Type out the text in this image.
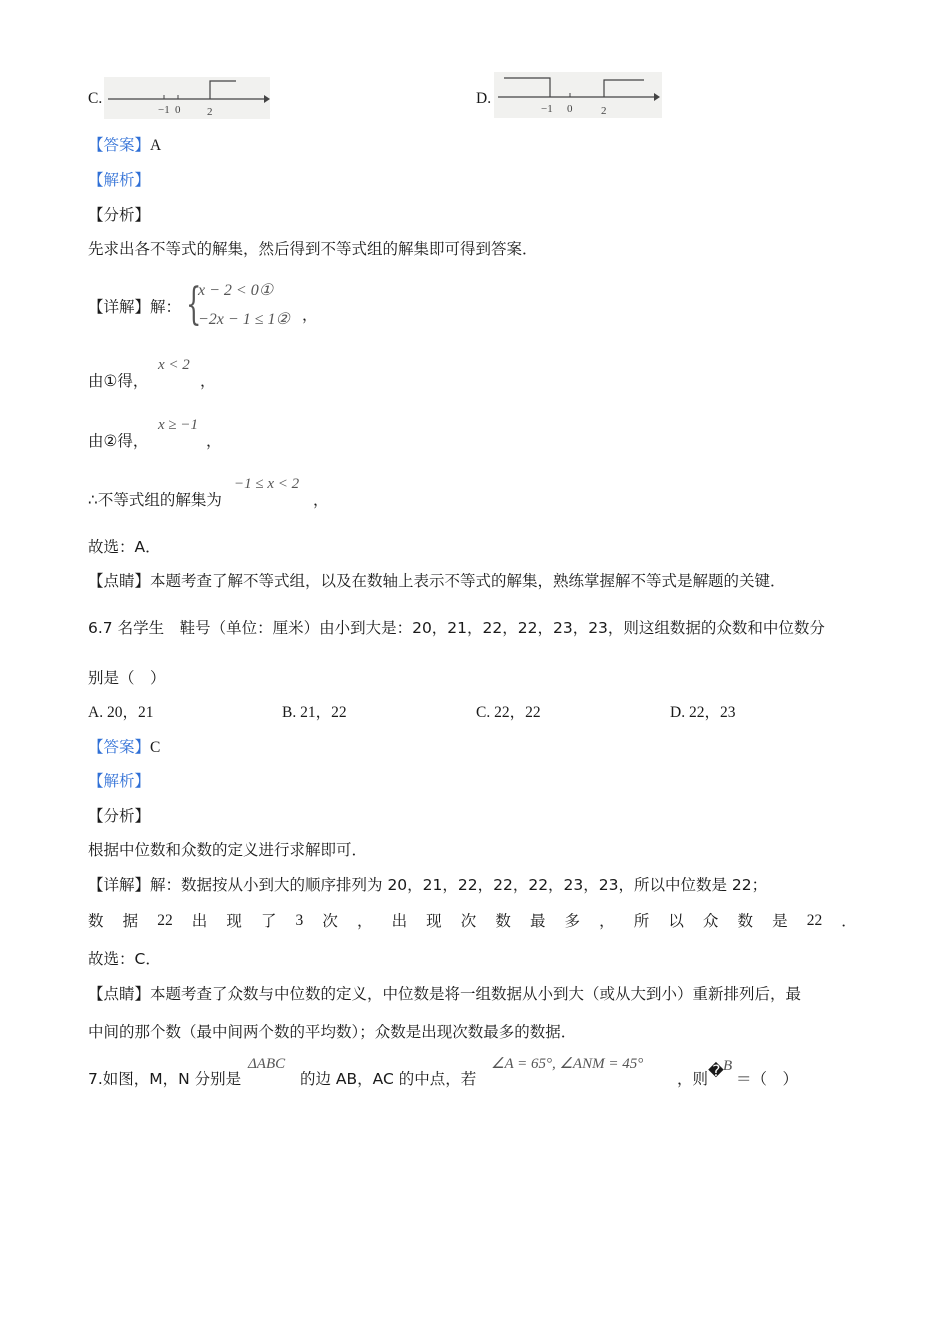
C.
−1 0 2
D.
−1 0	2
【答案】A
【解析】
【分析】
先求出各不等式的解集，然后得到不等式组的解集即可得到答案．
【详解】解： {
x − 2 < 0①
−2x − 1 ≤ 1② ，
由①得，
x < 2
，
由②得，
x ≥ −1
，
∴不等式组的解集为
−1 ≤ x < 2
，
故选：A．
【点睛】本题考查了解不等式组，以及在数轴上表示不等式的解集，熟练掌握解不等式是解题的关键．
6.7 名学生　鞋号（单位：厘米）由小到大是：20，21，22，22，23，23，则这组数据的众数和中位数分
别是（　）
A. 20，21	B. 21，22	C. 22，22	D. 22，23
【答案】C
【解析】
【分析】
根据中位数和众数的定义进行求解即可．
【详解】解：数据按从小到大的顺序排列为 20，21，22，22，22，23，23，所以中位数是 22；
数 据 22 出 现 了 3 次 ， 出 现 次 数 最 多 ， 所 以 众 数 是 22 ．
故选：C．
【点睛】本题考查了众数与中位数的定义，中位数是将一组数据从小到大（或从大到小）重新排列后，最
中间的那个数（最中间两个数的平均数）；众数是出现次数最多的数据．
7.如图，M，N 分别是
ΔABC
的边 AB，AC 的中点，若
∠A = 65°, ∠ANM = 45°
，则 � B
＝（　）
